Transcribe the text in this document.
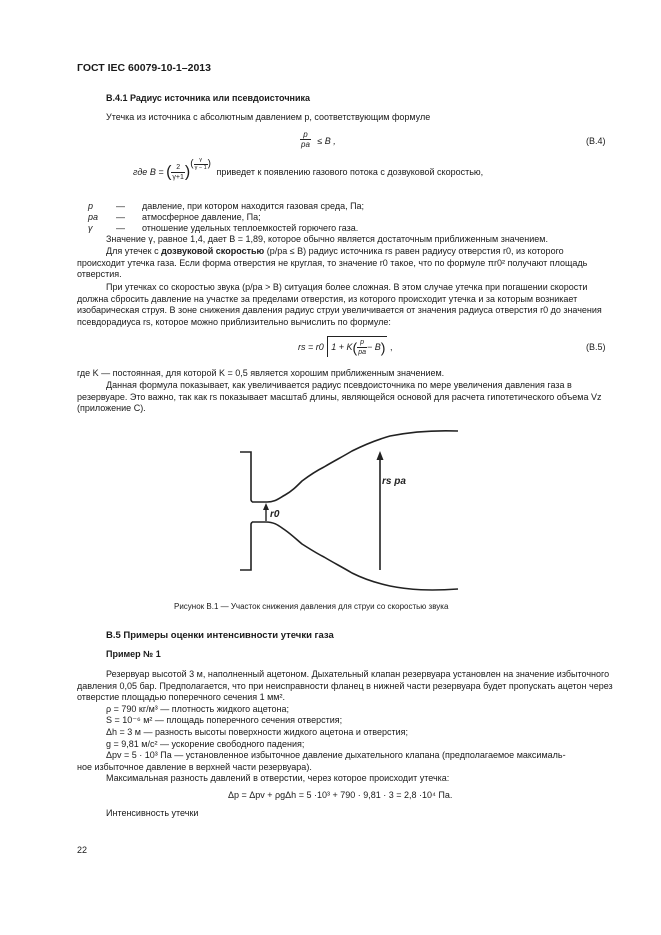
ГОСТ IEC 60079-10-1–2013
B.4.1 Радиус источника или псевдоисточника
Утечка из источника с абсолютным давлением p, соответствующим формуле
$\frac{p}{pa} \le B$ ,	(B.4)
где B = ( $\frac{2}{\gamma+1}$ )( $\frac{\gamma}{\gamma - 1}$ ) приведет к появлению газового потока с дозвуковой скоростью,
p	— давление, при котором находится газовая среда, Па;
pa — атмосферное давление, Па;
γ	— отношение удельных теплоемкостей горючего газа.
Значение γ, равное 1,4, дает B = 1,89, которое обычно является достаточным приближенным значением.
Для утечек с дозвуковой скоростью (p/pa ≤ B) радиус источника rs равен радиусу отверстия r0, из которого происходит утечка газа. Если форма отверстия не круглая, то значение r0 такое, что по формуле πr0² получают площадь отверстия.
При утечках со скоростью звука (p/pa > B) ситуация более сложная. В этом случае утечка при погашении скорости должна сбросить давление на участке за пределами отверстия, из которого происходит утечка и за которым возникает изобарическая струя. В зоне снижения давления радиус струи увеличивается от значения радиуса отверстия r0 до значения псевдорадиуса rs, которое можно приблизительно вычислить по формуле:
rs = r0 $1 + K( \frac{p}{pa} - B)$ ,	(B.5)
где K — постоянная, для которой K = 0,5 является хорошим приближенным значением.
Данная формула показывает, как увеличивается радиус псевдоисточника по мере увеличения давления газа в резервуаре. Это важно, так как rs показывает масштаб длины, являющейся основой для расчета гипотетического объема Vz (приложение C).
rs pa
r0
Рисунок B.1 — Участок снижения давления для струи со скоростью звука
B.5 Примеры оценки интенсивности утечки газа
Пример № 1
Резервуар высотой 3 м, наполненный ацетоном. Дыхательный клапан резервуара установлен на значение избыточного давления 0,05 бар. Предполагается, что при неисправности фланец в нижней части резервуара будет пропускать ацетон через отверстие площадью поперечного сечения 1 мм².
ρ = 790 кг/м³ — плотность жидкого ацетона;
S = 10⁻⁶ м² — площадь поперечного сечения отверстия;
Δh = 3 м — разность высоты поверхности жидкого ацетона и отверстия;
g = 9,81 м/с² — ускорение свободного падения;
Δpv = 5 · 10³ Па — установленное избыточное давление дыхательного клапана (предполагаемое максималь-
ное избыточное давление в верхней части резервуара).
Максимальная разность давлений в отверстии, через которое происходит утечка:
Δp = Δpv + ρgΔh = 5 ·10³ + 790 · 9,81 · 3 = 2,8 ·10⁴ Па.
Интенсивность утечки
22
